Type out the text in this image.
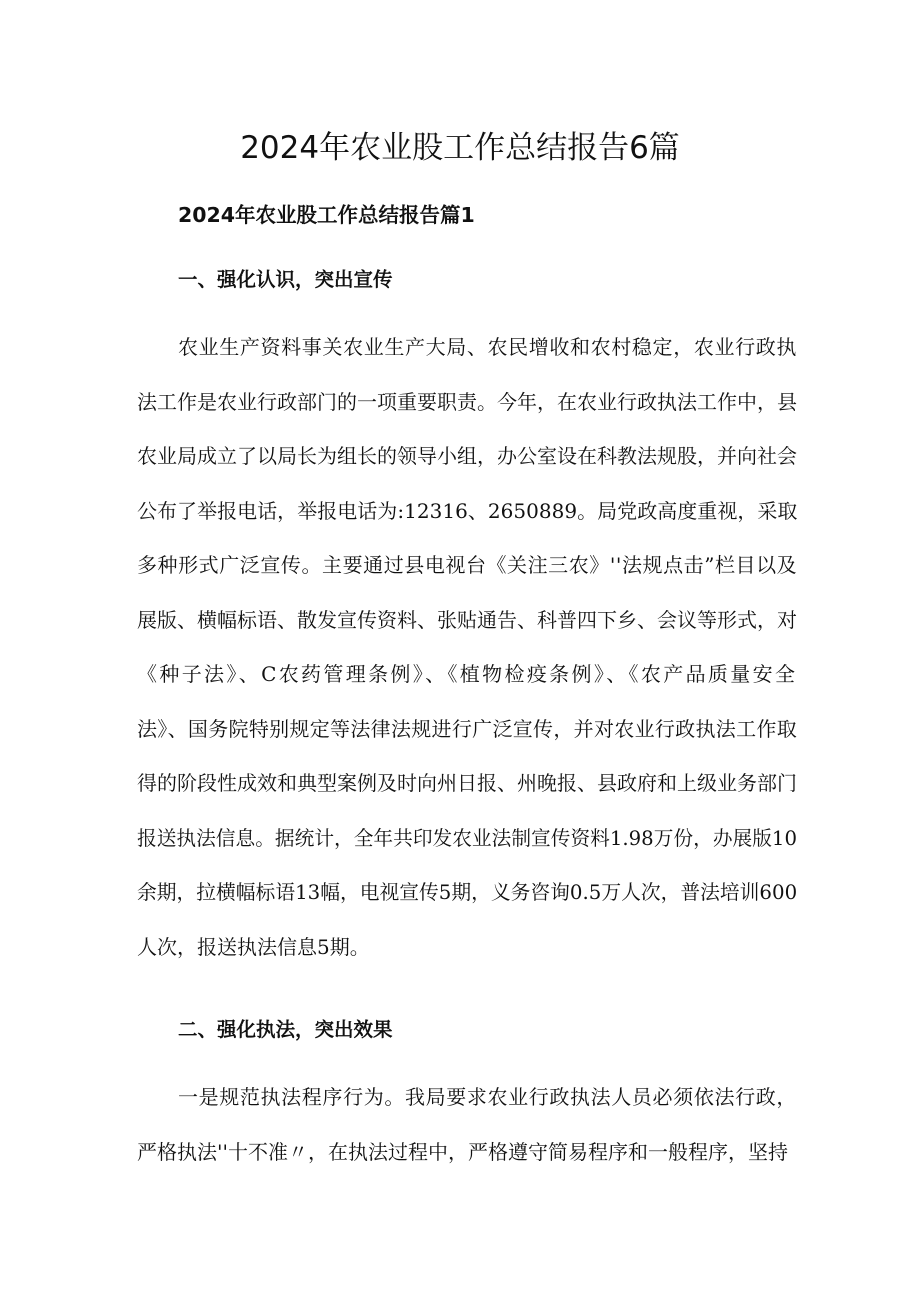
2024年农业股工作总结报告6篇
2024年农业股工作总结报告篇1
一、强化认识，突出宣传
农业生产资料事关农业生产大局、农民增收和农村稳定，农业行政执
法工作是农业行政部门的一项重要职责。今年，在农业行政执法工作中，县
农业局成立了以局长为组长的领导小组，办公室设在科教法规股，并向社会
公布了举报电话，举报电话为:12316、2650889。局党政高度重视，采取
多种形式广泛宣传。主要通过县电视台《关注三农》''法规点击”栏目以及
展版、横幅标语、散发宣传资料、张贴通告、科普四下乡、会议等形式，对
《种子法》、C农药管理条例》、《植物检疫条例》、《农产品质量安全
法》、国务院特别规定等法律法规进行广泛宣传，并对农业行政执法工作取
得的阶段性成效和典型案例及时向州日报、州晚报、县政府和上级业务部门
报送执法信息。据统计，全年共印发农业法制宣传资料1.98万份，办展版10
余期，拉横幅标语13幅，电视宣传5期，义务咨询0.5万人次，普法培训600
人次，报送执法信息5期。
二、强化执法，突出效果
一是规范执法程序行为。我局要求农业行政执法人员必须依法行政，
严格执法''十不准〃，在执法过程中，严格遵守简易程序和一般程序，坚持
